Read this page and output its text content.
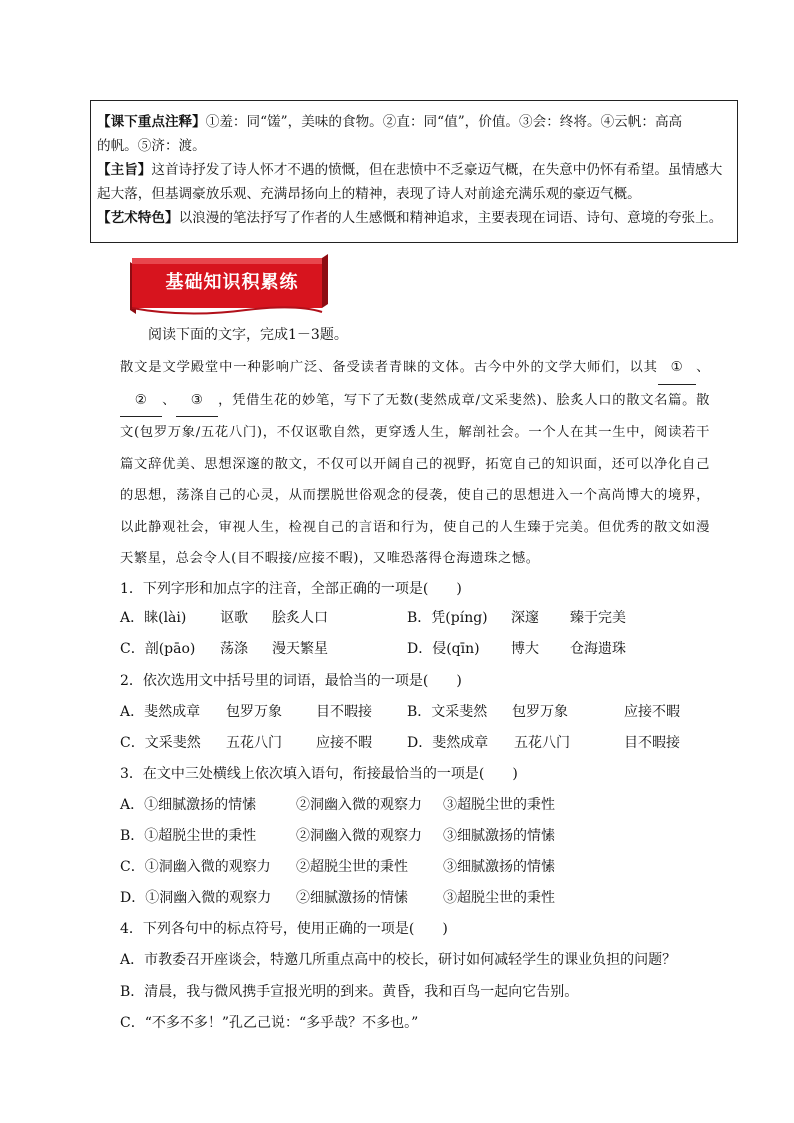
【课下重点注释】①羞：同“馐”，美味的食物。②直：同“值”，价值。③会：终将。④云帆：高高
的帆。⑤济：渡。
【主旨】这首诗抒发了诗人怀才不遇的愤慨，但在悲愤中不乏豪迈气概，在失意中仍怀有希望。虽情感大起大落，但基调豪放乐观、充满昂扬向上的精神，表现了诗人对前途充满乐观的豪迈气概。
【艺术特色】以浪漫的笔法抒写了作者的人生感慨和精神追求，主要表现在词语、诗句、意境的夸张上。
基础知识积累练
阅读下面的文字，完成1－3题。
散文是文学殿堂中一种影响广泛、备受读者青睐的文体。古今中外的文学大师们，以其 ① 、② 、 ③ ，凭借生花的妙笔，写下了无数(斐然成章/文采斐然)、脍炙人口的散文名篇。散文(包罗万象/五花八门)，不仅讴歌自然，更穿透人生，解剖社会。一个人在其一生中，阅读若干篇文辞优美、思想深邃的散文，不仅可以开阔自己的视野，拓宽自己的知识面，还可以净化自己的思想，荡涤自己的心灵，从而摆脱世俗观念的侵袭，使自己的思想进入一个高尚博大的境界，以此静观社会，审视人生，检视自己的言语和行为，使自己的人生臻于完美。但优秀的散文如漫天繁星，总会令人(目不暇接/应接不暇)，又唯恐落得仓海遗珠之憾。
1．下列字形和加点字的注音，全部正确的一项是(　　)
A．睐(lài) 讴歌 脍炙人口	B．凭(píng) 深邃 臻于完美
C．剖(pāo) 荡涤 漫天繁星	D．侵(qīn) 博大 仓海遗珠
2．依次选用文中括号里的词语，最恰当的一项是(　　)
A．斐然成章 包罗万象 目不暇接	B．文采斐然 包罗万象	应接不暇
C．文采斐然 五花八门 应接不暇	D．斐然成章 五花八门	目不暇接
3．在文中三处横线上依次填入语句，衔接最恰当的一项是(　　)
A．①细腻激扬的情愫	②洞幽入微的观察力 ③超脱尘世的秉性
B．①超脱尘世的秉性	②洞幽入微的观察力 ③细腻激扬的情愫
C．①洞幽入微的观察力 ②超脱尘世的秉性	③细腻激扬的情愫
D．①洞幽入微的观察力 ②细腻激扬的情愫	③超脱尘世的秉性
4．下列各句中的标点符号，使用正确的一项是(　　)
A．市教委召开座谈会，特邀几所重点高中的校长，研讨如何减轻学生的课业负担的问题？
B．清晨，我与微风携手宣报光明的到来。黄昏，我和百鸟一起向它告别。
C．“不多不多！”孔乙己说：“多乎哉？不多也。”
